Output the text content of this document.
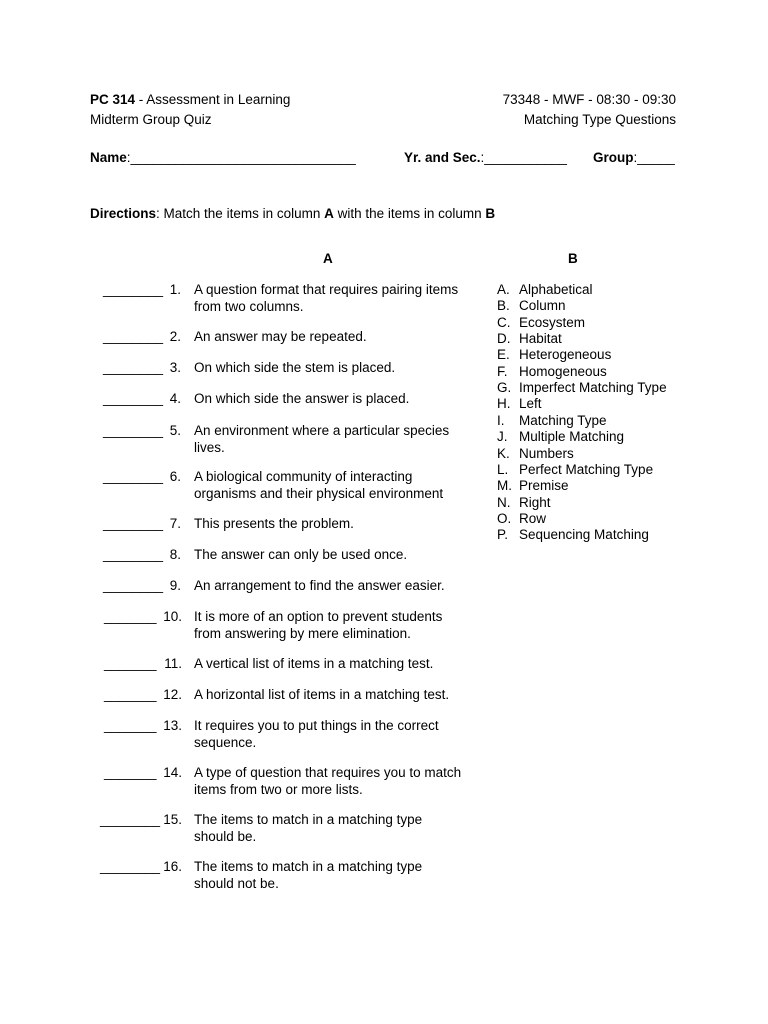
PC 314 - Assessment in Learning
Midterm Group Quiz
73348 - MWF - 08:30 - 09:30
Matching Type Questions
Name:______________________________	Yr. and Sec.:___________ Group:_____
Directions: Match the items in column A with the items in column B
A	B
________ 1. A question format that requires pairing items from two columns.
________ 2. An answer may be repeated.
________ 3. On which side the stem is placed.
________ 4. On which side the answer is placed.
________ 5. An environment where a particular species lives.
________ 6. A biological community of interacting organisms and their physical environment
________ 7. This presents the problem.
________ 8. The answer can only be used once.
________ 9. An arrangement to find the answer easier.
_______ 10. It is more of an option to prevent students from answering by mere elimination.
_______ 11. A vertical list of items in a matching test.
_______ 12. A horizontal list of items in a matching test.
_______ 13. It requires you to put things in the correct sequence.
_______ 14. A type of question that requires you to match items from two or more lists.
________ 15. The items to match in a matching type should be.
________ 16. The items to match in a matching type should not be.
A. Alphabetical
B. Column
C. Ecosystem
D. Habitat
E. Heterogeneous
F. Homogeneous
G. Imperfect Matching Type
H. Left
I. Matching Type
J. Multiple Matching
K. Numbers
L. Perfect Matching Type
M. Premise
N. Right
O. Row
P. Sequencing Matching
